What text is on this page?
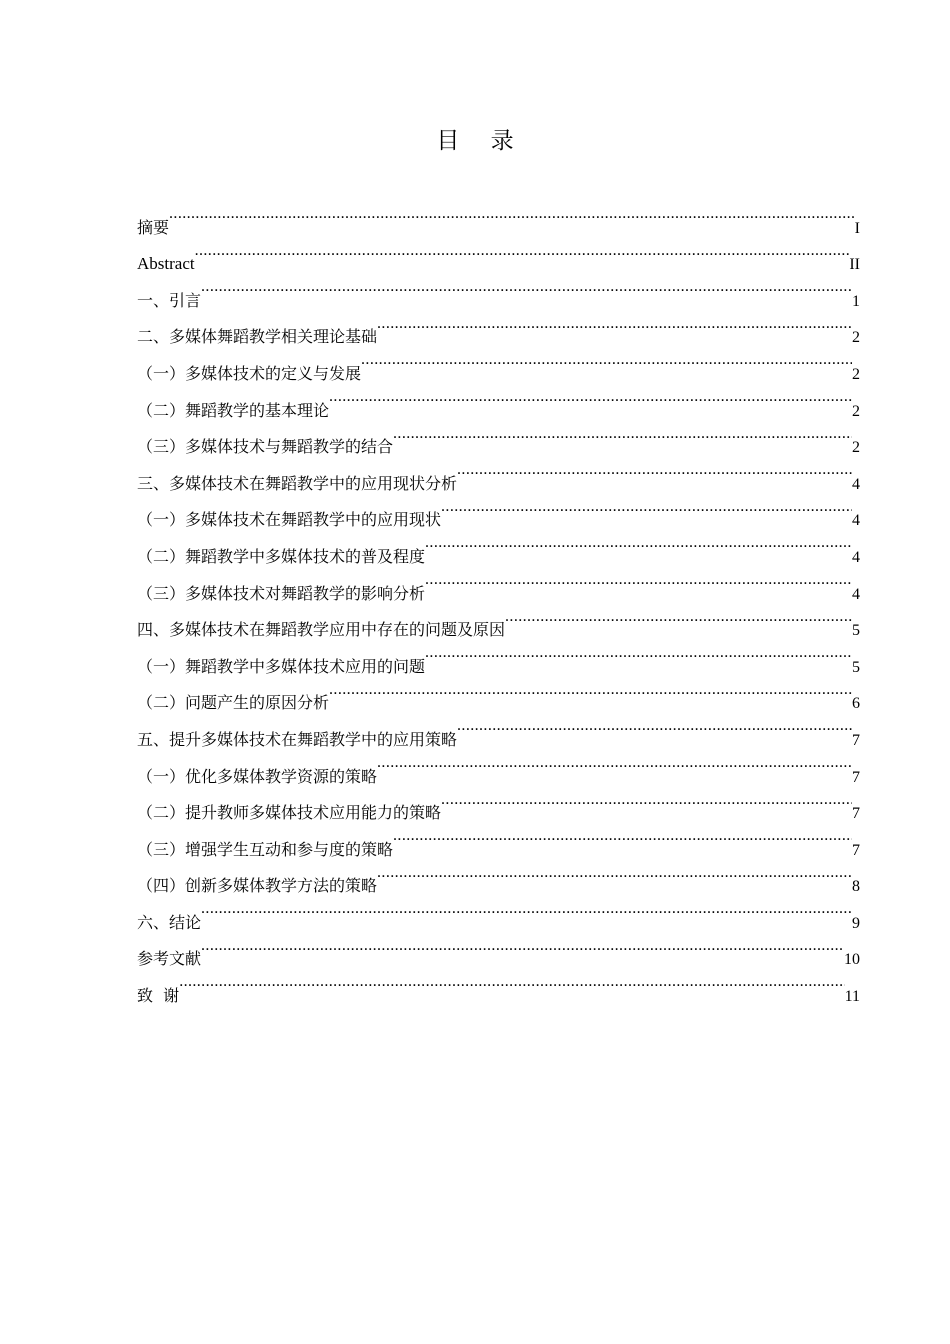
目 录
摘要 .....	I
Abstract .....	II
一、引言 .....	1
二、多媒体舞蹈教学相关理论基础 .....	2
（一）多媒体技术的定义与发展 .....	2
（二）舞蹈教学的基本理论 .....	2
（三）多媒体技术与舞蹈教学的结合 .....	2
三、多媒体技术在舞蹈教学中的应用现状分析 .....	4
（一）多媒体技术在舞蹈教学中的应用现状 .....	4
（二）舞蹈教学中多媒体技术的普及程度 .....	4
（三）多媒体技术对舞蹈教学的影响分析 .....	4
四、多媒体技术在舞蹈教学应用中存在的问题及原因 .....	5
（一）舞蹈教学中多媒体技术应用的问题 .....	5
（二）问题产生的原因分析 .....	6
五、提升多媒体技术在舞蹈教学中的应用策略 .....	7
（一）优化多媒体教学资源的策略 .....	7
（二）提升教师多媒体技术应用能力的策略 .....	7
（三）增强学生互动和参与度的策略 .....	7
（四）创新多媒体教学方法的策略 .....	8
六、结论 .....	9
参考文献 .....	10
致  谢 .....	11
